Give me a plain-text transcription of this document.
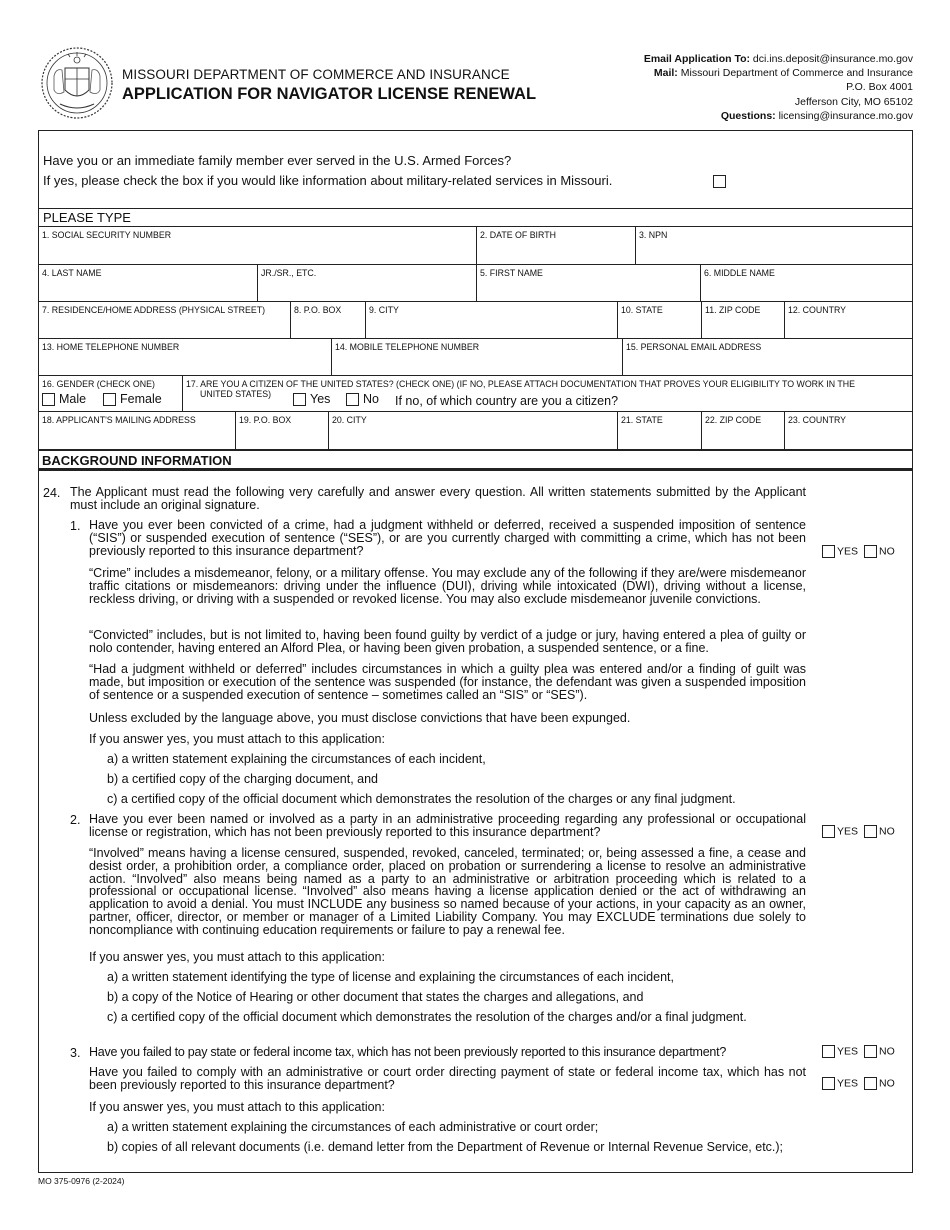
MISSOURI DEPARTMENT OF COMMERCE AND INSURANCE
APPLICATION FOR NAVIGATOR LICENSE RENEWAL
Email Application To: dci.ins.deposit@insurance.mo.gov
Mail: Missouri Department of Commerce and Insurance
P.O. Box 4001
Jefferson City, MO 65102
Questions: licensing@insurance.mo.gov
Have you or an immediate family member ever served in the U.S. Armed Forces?
If yes, please check the box if you would like information about military-related services in Missouri.
PLEASE TYPE
1. SOCIAL SECURITY NUMBER	2. DATE OF BIRTH	3. NPN
4. LAST NAME	JR./SR., ETC.	5. FIRST NAME	6. MIDDLE NAME
7. RESIDENCE/HOME ADDRESS (PHYSICAL STREET)	8. P.O. BOX	9. CITY	10. STATE	11. ZIP CODE	12. COUNTRY
13. HOME TELEPHONE NUMBER	14. MOBILE TELEPHONE NUMBER	15. PERSONAL EMAIL ADDRESS
16. GENDER (CHECK ONE)
Male	Female
17. ARE YOU A CITIZEN OF THE UNITED STATES? (CHECK ONE) (IF NO, PLEASE ATTACH DOCUMENTATION THAT PROVES YOUR ELIGIBILITY TO WORK IN THE
UNITED STATES)	Yes	No If no, of which country are you a citizen?
18. APPLICANT'S MAILING ADDRESS	19. P.O. BOX	20. CITY	21. STATE	22. ZIP CODE	23. COUNTRY
BACKGROUND INFORMATION
24. The Applicant must read the following very carefully and answer every question. All written statements submitted by the Applicant must include an original signature.
1. Have you ever been convicted of a crime, had a judgment withheld or deferred, received a suspended imposition of sentence (“SIS”) or suspended execution of sentence (“SES”), or are you currently charged with committing a crime, which has not been previously reported to this insurance department?	YES NO
“Crime” includes a misdemeanor, felony, or a military offense. You may exclude any of the following if they are/were misdemeanor traffic citations or misdemeanors: driving under the influence (DUI), driving while intoxicated (DWI), driving without a license, reckless driving, or driving with a suspended or revoked license. You may also exclude misdemeanor juvenile convictions.
“Convicted” includes, but is not limited to, having been found guilty by verdict of a judge or jury, having entered a plea of guilty or nolo contender, having entered an Alford Plea, or having been given probation, a suspended sentence, or a fine.
“Had a judgment withheld or deferred” includes circumstances in which a guilty plea was entered and/or a finding of guilt was made, but imposition or execution of the sentence was suspended (for instance, the defendant was given a suspended imposition of sentence or a suspended execution of sentence – sometimes called an “SIS” or “SES”).
Unless excluded by the language above, you must disclose convictions that have been expunged.
If you answer yes, you must attach to this application:
a) a written statement explaining the circumstances of each incident,
b) a certified copy of the charging document, and
c) a certified copy of the official document which demonstrates the resolution of the charges or any final judgment.
2. Have you ever been named or involved as a party in an administrative proceeding regarding any professional or occupational license or registration, which has not been previously reported to this insurance department?	YES NO
“Involved” means having a license censured, suspended, revoked, canceled, terminated; or, being assessed a fine, a cease and desist order, a prohibition order, a compliance order, placed on probation or surrendering a license to resolve an administrative action. “Involved” also means being named as a party to an administrative or arbitration proceeding which is related to a professional or occupational license. “Involved” also means having a license application denied or the act of withdrawing an application to avoid a denial. You must INCLUDE any business so named because of your actions, in your capacity as an owner, partner, officer, director, or member or manager of a Limited Liability Company. You may EXCLUDE terminations due solely to noncompliance with continuing education requirements or failure to pay a renewal fee.
If you answer yes, you must attach to this application:
a) a written statement identifying the type of license and explaining the circumstances of each incident,
b) a copy of the Notice of Hearing or other document that states the charges and allegations, and
c) a certified copy of the official document which demonstrates the resolution of the charges and/or a final judgment.
3. Have you failed to pay state or federal income tax, which has not been previously reported to this insurance department?	YES NO
Have you failed to comply with an administrative or court order directing payment of state or federal income tax, which has not been previously reported to this insurance department?	YES NO
If you answer yes, you must attach to this application:
a) a written statement explaining the circumstances of each administrative or court order;
b) copies of all relevant documents (i.e. demand letter from the Department of Revenue or Internal Revenue Service, etc.);
MO 375-0976 (2-2024)
